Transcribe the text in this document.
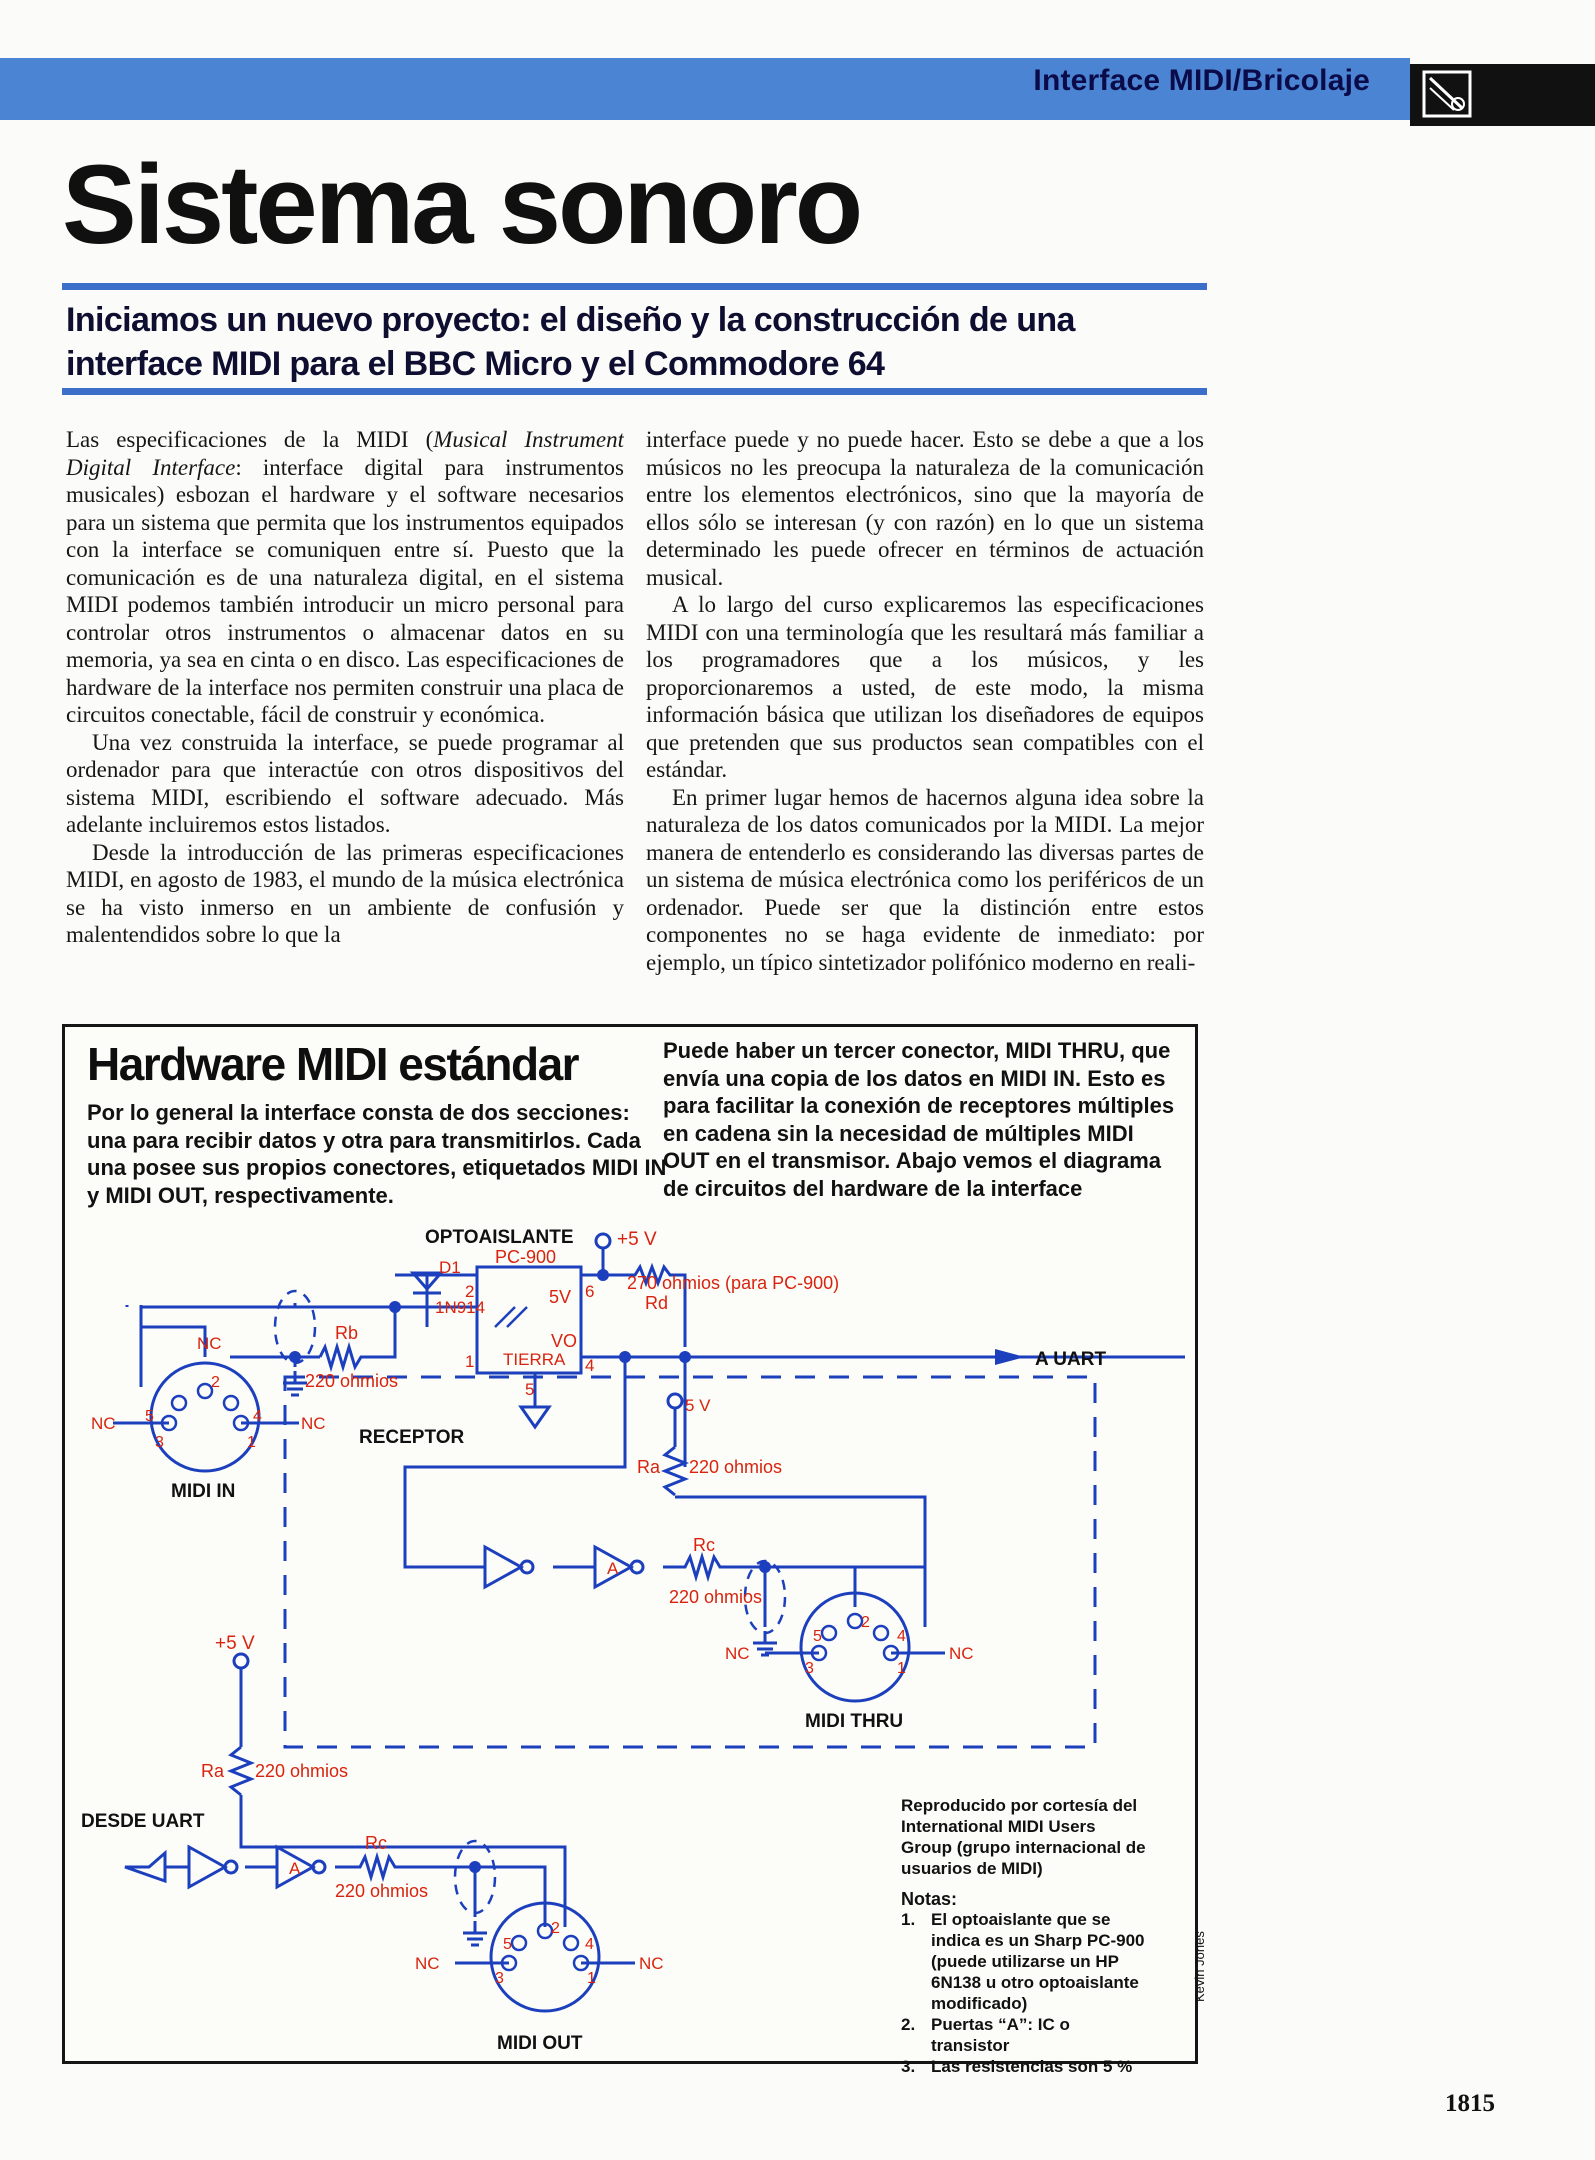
Interface MIDI/Bricolaje
Sistema sonoro
Iniciamos un nuevo proyecto: el diseño y la construcción de una interface MIDI para el BBC Micro y el Commodore 64

Las especificaciones de la MIDI (Musical Instrument Digital Interface: interface digital para instrumentos musicales) esbozan el hardware y el software necesarios para un sistema que permita que los instrumentos equipados con la interface se comuniquen entre sí. Puesto que la comunicación es de una naturaleza digital, en el sistema MIDI podemos también introducir un micro personal para controlar otros instrumentos o almacenar datos en su memoria, ya sea en cinta o en disco. Las especificaciones de hardware de la interface nos permiten construir una placa de circuitos conectable, fácil de construir y económica.

Una vez construida la interface, se puede programar al ordenador para que interactúe con otros dispositivos del sistema MIDI, escribiendo el software adecuado. Más adelante incluiremos estos listados.

Desde la introducción de las primeras especificaciones MIDI, en agosto de 1983, el mundo de la música electrónica se ha visto inmerso en un ambiente de confusión y malentendidos sobre lo que la

interface puede y no puede hacer. Esto se debe a que a los músicos no les preocupa la naturaleza de la comunicación entre los elementos electrónicos, sino que la mayoría de ellos sólo se interesan (y con razón) en lo que un sistema determinado les puede ofrecer en términos de actuación musical.

A lo largo del curso explicaremos las especificaciones MIDI con una terminología que les resultará más familiar a los programadores que a los músicos, y les proporcionaremos a usted, de este modo, la misma información básica que utilizan los diseñadores de equipos que pretenden que sus productos sean compatibles con el estándar.

En primer lugar hemos de hacernos alguna idea sobre la naturaleza de los datos comunicados por la MIDI. La mejor manera de entenderlo es considerando las diversas partes de un sistema de música electrónica como los periféricos de un ordenador. Puede ser que la distinción entre estos componentes no se haga evidente de inmediato: por ejemplo, un típico sintetizador polifónico moderno en reali-

OPTOAISLANTE
PC-900
+5 V
270 ohmios (para PC-900)
Rd
D1
1N914
Rb
220 ohmios
5V
VO
TIERRA
2	6
1	4
5
A UART
5 V
Ra 220 ohmios
RECEPTOR
A
Rc
220 ohmios
NC
NC	NC
2
5	4
3	1
MIDI IN
2
5	4
3	1
NC	NC
MIDI THRU
+5 V
Ra 220 ohmios
DESDE UART
A
Rc
220 ohmios
2
5	4
3	1
NC	NC
MIDI OUT
Hardware MIDI estándar

Por lo general la interface consta de dos secciones: una para recibir datos y otra para transmitirlos. Cada una posee sus propios conectores, etiquetados MIDI IN y MIDI OUT, respectivamente.

Puede haber un tercer conector, MIDI THRU, que envía una copia de los datos en MIDI IN. Esto es para facilitar la conexión de receptores múltiples en cadena sin la necesidad de múltiples MIDI OUT en el transmisor. Abajo vemos el diagrama de circuitos del hardware de la interface

Reproducido por cortesía del International MIDI Users Group (grupo internacional de usuarios de MIDI)

Notas:

1. El optoaislante que se indica es un Sharp PC-900 (puede utilizarse un HP 6N138 u otro optoaislante modificado)
2. Puertas “A”: IC o transistor
3. Las resistencias son 5 %
Kevin Jones
1815
